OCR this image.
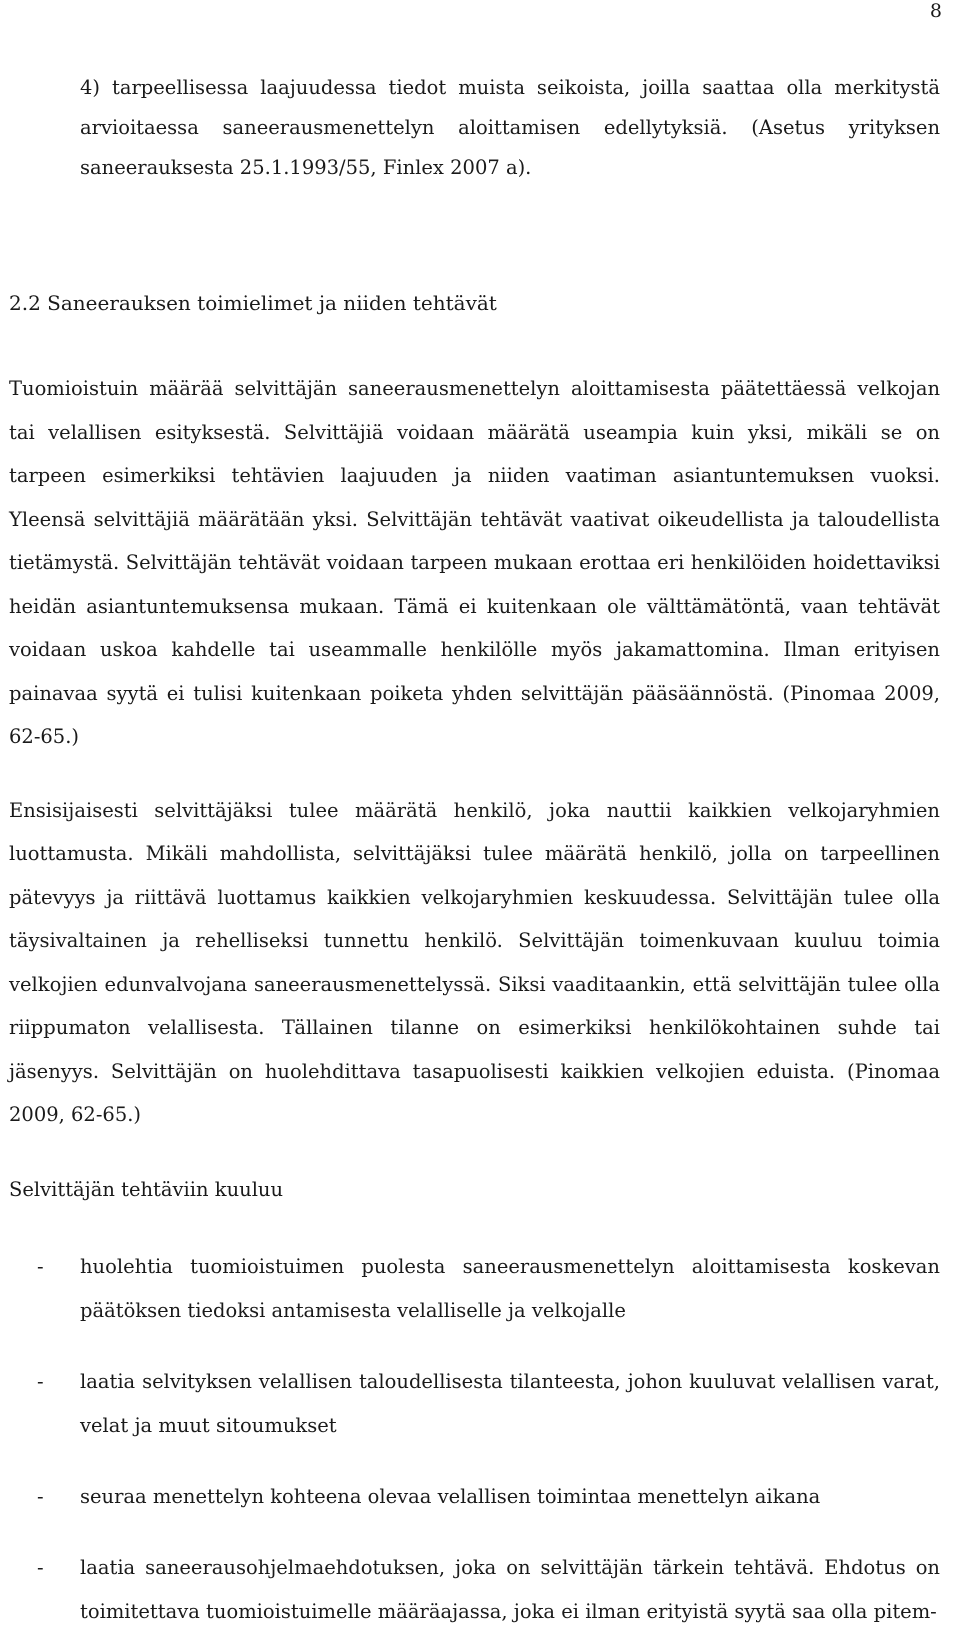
8

4) tarpeellisessa laajuudessa tiedot muista seikoista, joilla saattaa olla merkitystä arvioitaessa saneerausmenettelyn aloittamisen edellytyksiä. (Asetus yrityksen saneerauksesta 25.1.1993/55, Finlex 2007 a).

2.2 Saneerauksen toimielimet ja niiden tehtävät

Tuomioistuin määrää selvittäjän saneerausmenettelyn aloittamisesta päätettäessä velkojan tai velallisen esityksestä. Selvittäjiä voidaan määrätä useampia kuin yksi, mikäli se on tarpeen esimerkiksi tehtävien laajuuden ja niiden vaatiman asiantuntemuksen vuoksi. Yleensä selvittäjiä määrätään yksi. Selvittäjän tehtävät vaativat oikeudellista ja taloudellista tietämystä. Selvittäjän tehtävät voidaan tarpeen mukaan erottaa eri henkilöiden hoidettaviksi heidän asiantuntemuksensa mukaan. Tämä ei kuitenkaan ole välttämätöntä, vaan tehtävät voidaan uskoa kahdelle tai useammalle henkilölle myös jakamattomina. Ilman erityisen painavaa syytä ei tulisi kuitenkaan poiketa yhden selvittäjän pääsäännöstä. (Pinomaa 2009, 62-65.)

Ensisijaisesti selvittäjäksi tulee määrätä henkilö, joka nauttii kaikkien velkojaryhmien luottamusta. Mikäli mahdollista, selvittäjäksi tulee määrätä henkilö, jolla on tarpeellinen pätevyys ja riittävä luottamus kaikkien velkojaryhmien keskuudessa. Selvittäjän tulee olla täysivaltainen ja rehelliseksi tunnettu henkilö. Selvittäjän toimenkuvaan kuuluu toimia velkojien edunvalvojana saneerausmenettelyssä. Siksi vaaditaankin, että selvittäjän tulee olla riippumaton velallisesta. Tällainen tilanne on esimerkiksi henkilökohtainen suhde tai jäsenyys. Selvittäjän on huolehdittava tasapuolisesti kaikkien velkojien eduista. (Pinomaa 2009, 62-65.)

Selvittäjän tehtäviin kuuluu

- huolehtia tuomioistuimen puolesta saneerausmenettelyn aloittamisesta koskevan päätöksen tiedoksi antamisesta velalliselle ja velkojalle
- laatia selvityksen velallisen taloudellisesta tilanteesta, johon kuuluvat velallisen varat, velat ja muut sitoumukset
- seuraa menettelyn kohteena olevaa velallisen toimintaa menettelyn aikana
- laatia saneerausohjelmaehdotuksen, joka on selvittäjän tärkein tehtävä. Ehdotus on toimitettava tuomioistuimelle määräajassa, joka ei ilman erityistä syytä saa olla pitem-
